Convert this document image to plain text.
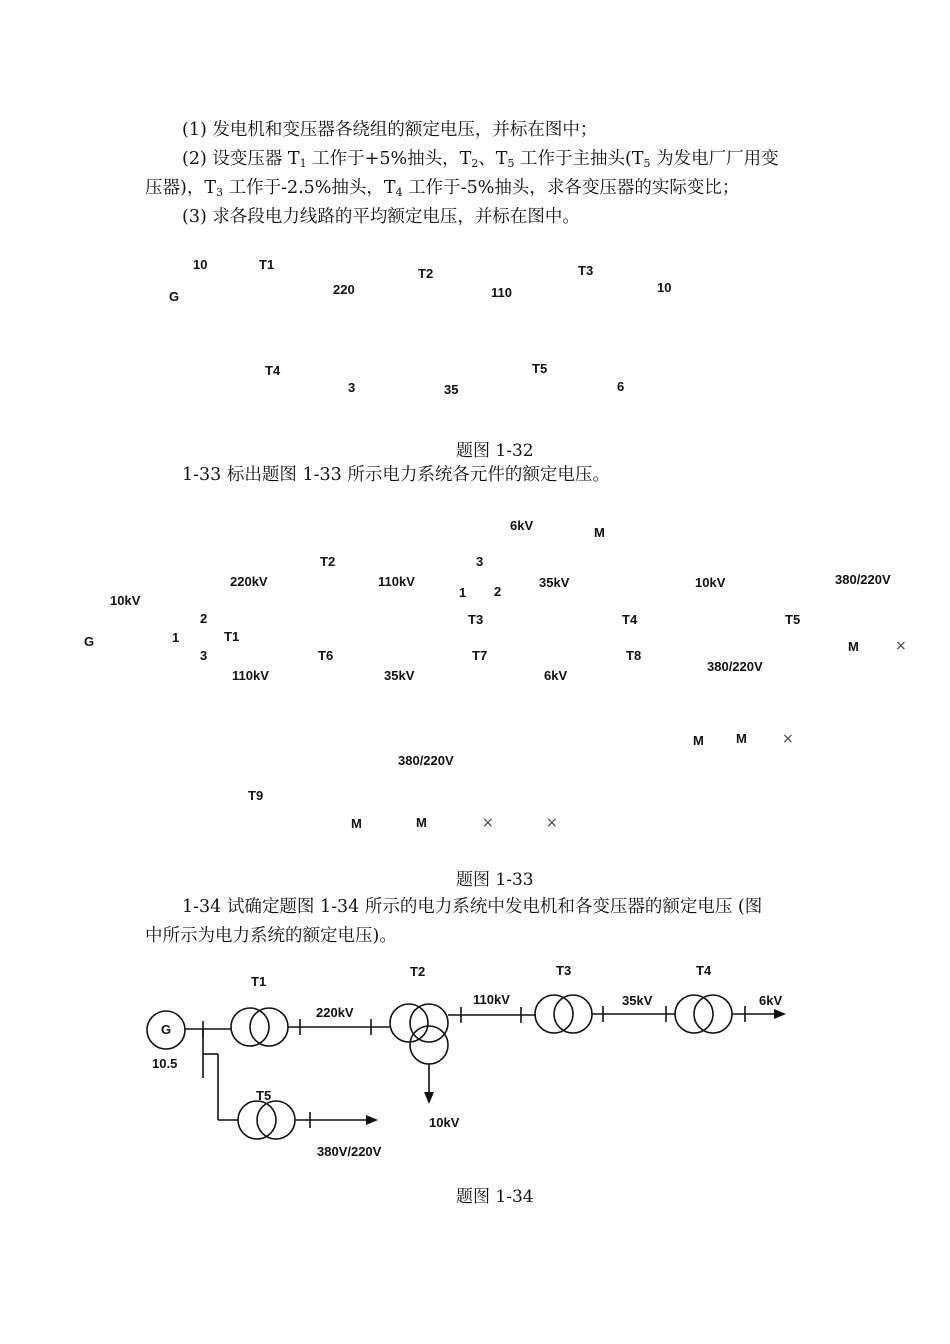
(1) 发电机和变压器各绕组的额定电压，并标在图中；
(2) 设变压器 $T_1$ 工作于+5%抽头，$T_2$、$T_5$ 工作于主抽头($T_5$ 为发电厂厂用变
压器)，$T_3$ 工作于-2.5%抽头，$T_4$ 工作于-5%抽头，求各变压器的实际变比；
(3) 求各段电力线路的平均额定电压，并标在图中。
10	T1
G	220
T2
110
T3
10
T4
3	35
T5
6
题图 1-32
1-33 标出题图 1-33 所示电力系统各元件的额定电压。
6kV	M
T2	3
220kV	110kV
1 2
35kV	10kV	380/220V
10kV
2	T3	T4	T5
G	1	T1
M	×
3	T6	T7	T8
380/220V
110kV	35kV	6kV
M M	×
380/220V
T9
M	M	×	×
题图 1-33
1-34 试确定题图 1-34 所示的电力系统中发电机和各变压器的额定电压 (图
中所示为电力系统的额定电压)。
T1
T2	T3	T4
G
10.5
220kV
110kV	35kV	6kV
T5
10kV
380V/220V
题图 1-34
